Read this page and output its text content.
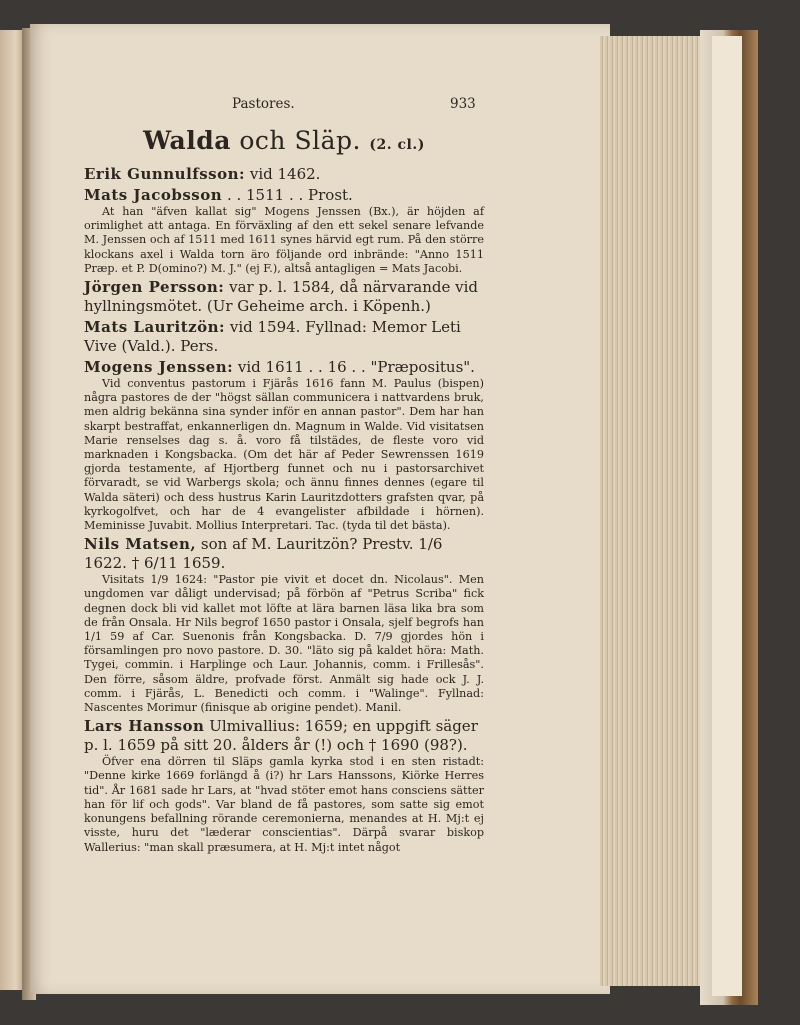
Pastores.	933
Walda och Släp. (2. cl.)
Erik Gunnulfsson: vid 1462.
Mats Jacobsson . . 1511 . . Prost.
At han "äfven kallat sig" Mogens Jenssen (Bx.), är höjden af orimlighet att antaga. En förväxling af den ett sekel senare lefvande M. Jenssen och af 1511 med 1611 synes härvid egt rum. På den större klockans axel i Walda torn äro följande ord inbrände: "Anno 1511 Præp. et P. D(omino?) M. J." (ej F.), altså antagligen = Mats Jacobi.
Jörgen Persson: var p. l. 1584, då närvarande vid hyllningsmötet. (Ur Geheime arch. i Köpenh.)
Mats Lauritzön: vid 1594. Fyllnad: Memor Leti Vive (Vald.). Pers.
Mogens Jenssen: vid 1611 . . 16 . . "Præpositus".
Vid conventus pastorum i Fjärås 1616 fann M. Paulus (bispen) några pastores de der "högst sällan communicera i nattvardens bruk, men aldrig bekänna sina synder inför en annan pastor". Dem har han skarpt bestraffat, enkannerligen dn. Magnum in Walde. Vid visitatsen Marie renselses dag s. å. voro få tilstädes, de fleste voro vid marknaden i Kongsbacka. (Om det här af Peder Sewrenssen 1619 gjorda testamente, af Hjortberg funnet och nu i pastorsarchivet förvaradt, se vid Warbergs skola; och ännu finnes dennes (egare til Walda säteri) och dess hustrus Karin Lauritzdotters grafsten qvar, på kyrkogolfvet, och har de 4 evangelister afbildade i hörnen). Meminisse Juvabit. Mollius Interpretari. Tac. (tyda til det bästa).
Nils Matsen, son af M. Lauritzön? Prestv. 1/6 1622. † 6/11 1659.
Visitats 1/9 1624: "Pastor pie vivit et docet dn. Nicolaus". Men ungdomen var dåligt undervisad; på förbön af "Petrus Scriba" fick degnen dock bli vid kallet mot löfte at lära barnen läsa lika bra som de från Onsala. Hr Nils begrof 1650 pastor i Onsala, sjelf begrofs han 1/1 59 af Car. Suenonis från Kongsbacka. D. 7/9 gjordes hön i församlingen pro novo pastore. D. 30. "läto sig på kaldet höra: Math. Tygei, commin. i Harplinge och Laur. Johannis, comm. i Frillesås". Den förre, såsom äldre, profvade först. Anmält sig hade ock J. J. comm. i Fjärås, L. Benedicti och comm. i "Walinge". Fyllnad: Nascentes Morimur (finisque ab origine pendet). Manil.
Lars Hansson Ulmivallius: 1659; en uppgift säger p. l. 1659 på sitt 20. ålders år (!) och † 1690 (98?).
Öfver ena dörren til Släps gamla kyrka stod i en sten ristadt: "Denne kirke 1669 forlängd å (i?) hr Lars Hanssons, Kiörke Herres tid". År 1681 sade hr Lars, at "hvad stöter emot hans consciens sätter han för lif och gods". Var bland de få pastores, som satte sig emot konungens befallning rörande ceremonierna, menandes at H. Mj:t ej visste, huru det "læderar conscientias". Därpå svarar biskop Wallerius: "man skall præsumera, at H. Mj:t intet något
